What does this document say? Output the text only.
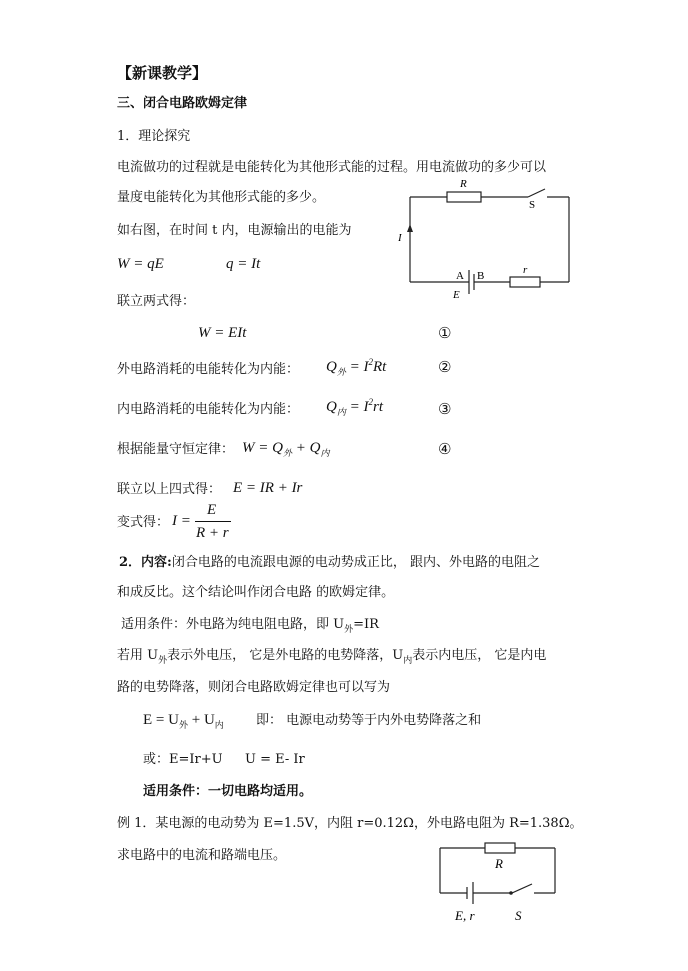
【新课教学】
三、闭合电路欧姆定律
1．理论探究
电流做功的过程就是电能转化为其他形式能的过程。用电流做功的多少可以
量度电能转化为其他形式能的多少。
如右图，在时间 t 内，电源输出的电能为
W = qE	q = It
联立两式得：
W = EIt	①
外电路消耗的电能转化为内能： $Q_外 = I^2Rt$	②
内电路消耗的电能转化为内能： $Q_内 = I^2rt$	③
根据能量守恒定律： $W = Q_外 + Q_内$	④
联立以上四式得： E = IR + Ir
变式得： I =
E
R + r
2．内容:闭合电路的电流跟电源的电动势成正比， 跟内、外电路的电阻之
和成反比。这个结论叫作闭合电路 的欧姆定律。
适用条件：外电路为纯电阻电路，即 $U_外=IR$
若用 $U_外$表示外电压， 它是外电路的电势降落，$U_内$表示内电压， 它是内电
路的电势降落，则闭合电路欧姆定律也可以写为
$E = U_外 + U_内$ 即： 电源电动势等于内外电势降落之和
或：E=Ir+U U = E- Ir
适用条件：一切电路均适用。
例 1．某电源的电动势为 E=1.5V，内阻 r=0.12Ω，外电路电阻为 R=1.38Ω。
求电路中的电流和路端电压。
R
S
I
A B	r
E
R
E, r	S
